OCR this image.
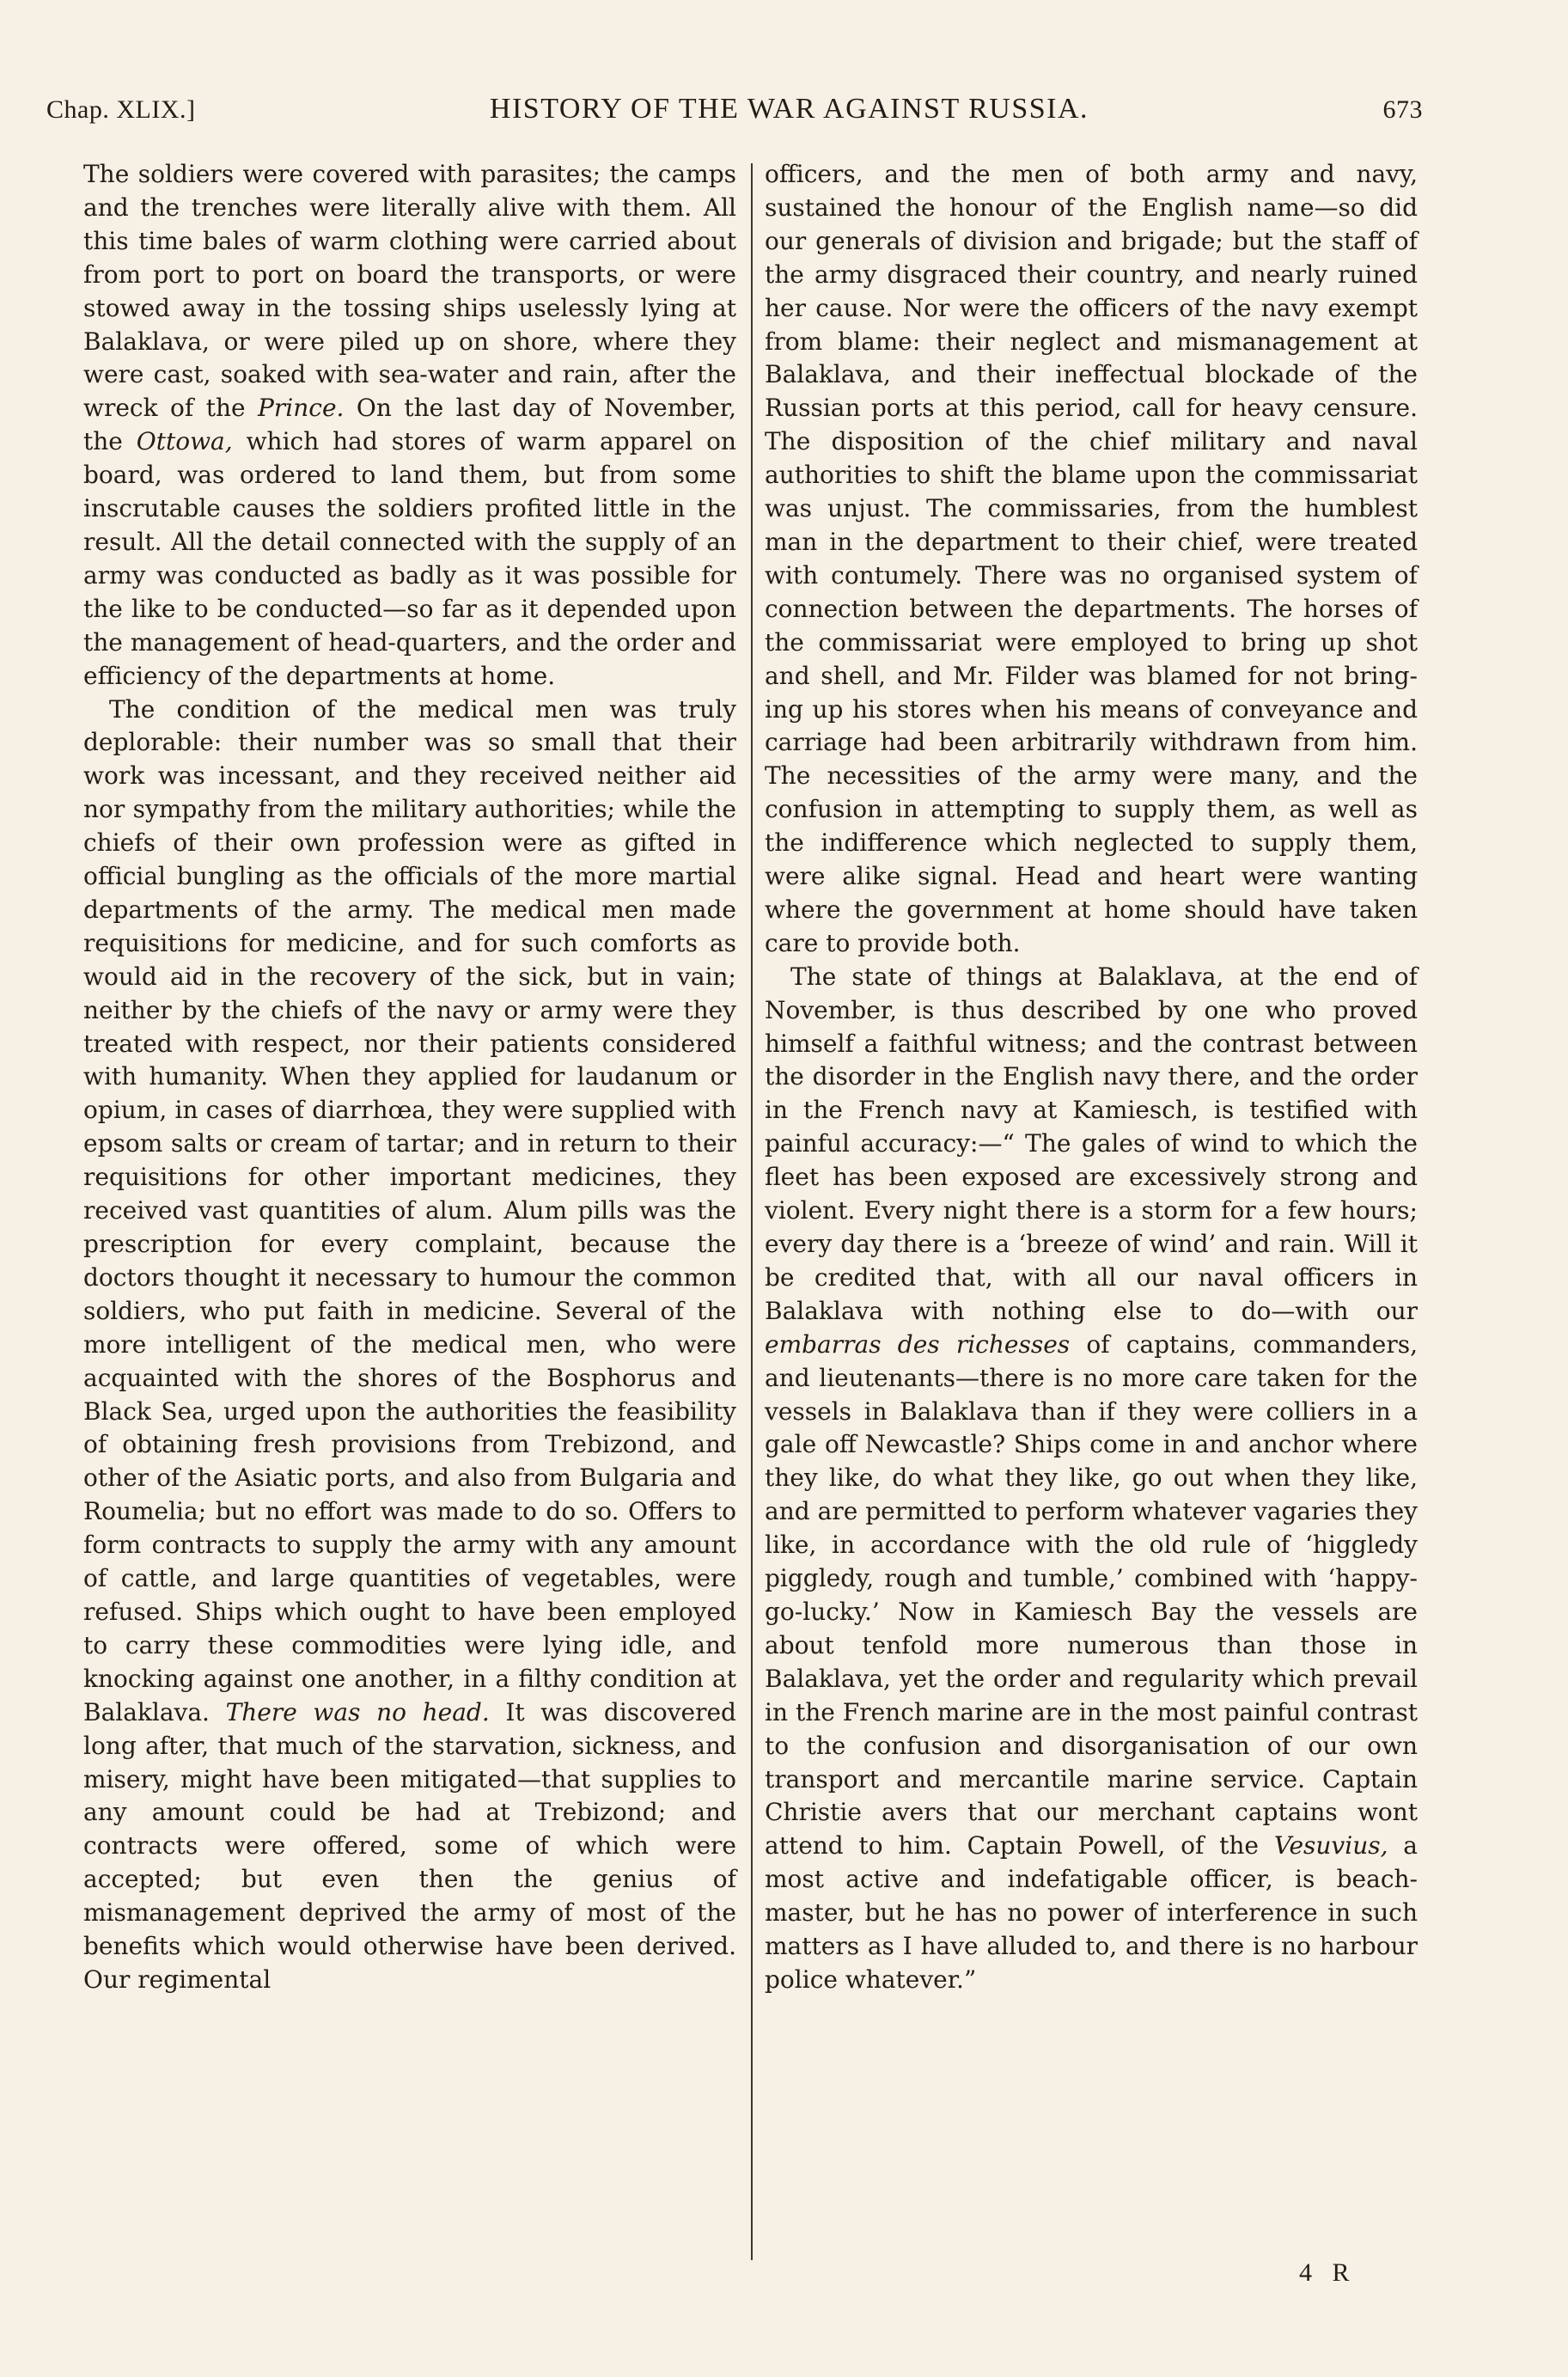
Chap. XLIX.]	HISTORY OF THE WAR AGAINST RUSSIA.	673

The soldiers were covered with parasites; the camps and the trenches were literally alive with them. All this time bales of warm clothing were carried about from port to port on board the transports, or were stowed away in the tossing ships uselessly lying at Balaklava, or were piled up on shore, where they were cast, soaked with sea-water and rain, after the wreck of the Prince. On the last day of November, the Ottowa, which had stores of warm apparel on board, was ordered to land them, but from some inscrutable causes the soldiers profited little in the result. All the detail connected with the supply of an army was conducted as badly as it was possible for the like to be conducted—so far as it depended upon the management of head-quarters, and the order and efficiency of the departments at home.

The condition of the medical men was truly deplorable: their number was so small that their work was incessant, and they received neither aid nor sympathy from the military authorities; while the chiefs of their own profession were as gifted in official bungling as the officials of the more martial departments of the army. The medical men made requisitions for medicine, and for such comforts as would aid in the recovery of the sick, but in vain; neither by the chiefs of the navy or army were they treated with respect, nor their patients considered with humanity. When they applied for laudanum or opium, in cases of diarrhœa, they were supplied with epsom salts or cream of tartar; and in return to their requisitions for other important medicines, they received vast quantities of alum. Alum pills was the prescription for every complaint, because the doctors thought it necessary to humour the common soldiers, who put faith in medicine. Several of the more intelligent of the medical men, who were acquainted with the shores of the Bosphorus and Black Sea, urged upon the authorities the feasibility of obtaining fresh provisions from Trebizond, and other of the Asiatic ports, and also from Bulgaria and Roumelia; but no effort was made to do so. Offers to form contracts to supply the army with any amount of cattle, and large quantities of vegetables, were refused. Ships which ought to have been employed to carry these commodities were lying idle, and knocking against one another, in a filthy condition at Balaklava. There was no head. It was discovered long after, that much of the starvation, sickness, and misery, might have been mitigated—that supplies to any amount could be had at Trebizond; and contracts were offered, some of which were accepted; but even then the genius of mismanagement deprived the army of most of the benefits which would otherwise have been derived. Our regimental

officers, and the men of both army and navy, sustained the honour of the English name—so did our generals of division and brigade; but the staff of the army disgraced their country, and nearly ruined her cause. Nor were the officers of the navy exempt from blame: their neglect and mismanagement at Balaklava, and their ineffectual blockade of the Russian ports at this period, call for heavy censure. The disposition of the chief military and naval authorities to shift the blame upon the commissariat was unjust. The commissaries, from the humblest man in the department to their chief, were treated with contumely. There was no organised system of connection between the departments. The horses of the commissariat were employed to bring up shot and shell, and Mr. Filder was blamed for not bringing up his stores when his means of conveyance and carriage had been arbitrarily withdrawn from him. The necessities of the army were many, and the confusion in attempting to supply them, as well as the indifference which neglected to supply them, were alike signal. Head and heart were wanting where the government at home should have taken care to provide both.

The state of things at Balaklava, at the end of November, is thus described by one who proved himself a faithful witness; and the contrast between the disorder in the English navy there, and the order in the French navy at Kamiesch, is testified with painful accuracy:—“ The gales of wind to which the fleet has been exposed are excessively strong and violent. Every night there is a storm for a few hours; every day there is a ‘breeze of wind’ and rain. Will it be credited that, with all our naval officers in Balaklava with nothing else to do—with our embarras des richesses of captains, commanders, and lieutenants—there is no more care taken for the vessels in Balaklava than if they were colliers in a gale off Newcastle? Ships come in and anchor where they like, do what they like, go out when they like, and are permitted to perform whatever vagaries they like, in accordance with the old rule of ‘higgledy piggledy, rough and tumble,’ combined with ‘happy-go-lucky.’ Now in Kamiesch Bay the vessels are about tenfold more numerous than those in Balaklava, yet the order and regularity which prevail in the French marine are in the most painful contrast to the confusion and disorganisation of our own transport and mercantile marine service. Captain Christie avers that our merchant captains wont attend to him. Captain Powell, of the Vesuvius, a most active and indefatigable officer, is beach-master, but he has no power of interference in such matters as I have alluded to, and there is no harbour police whatever.”

4 R
